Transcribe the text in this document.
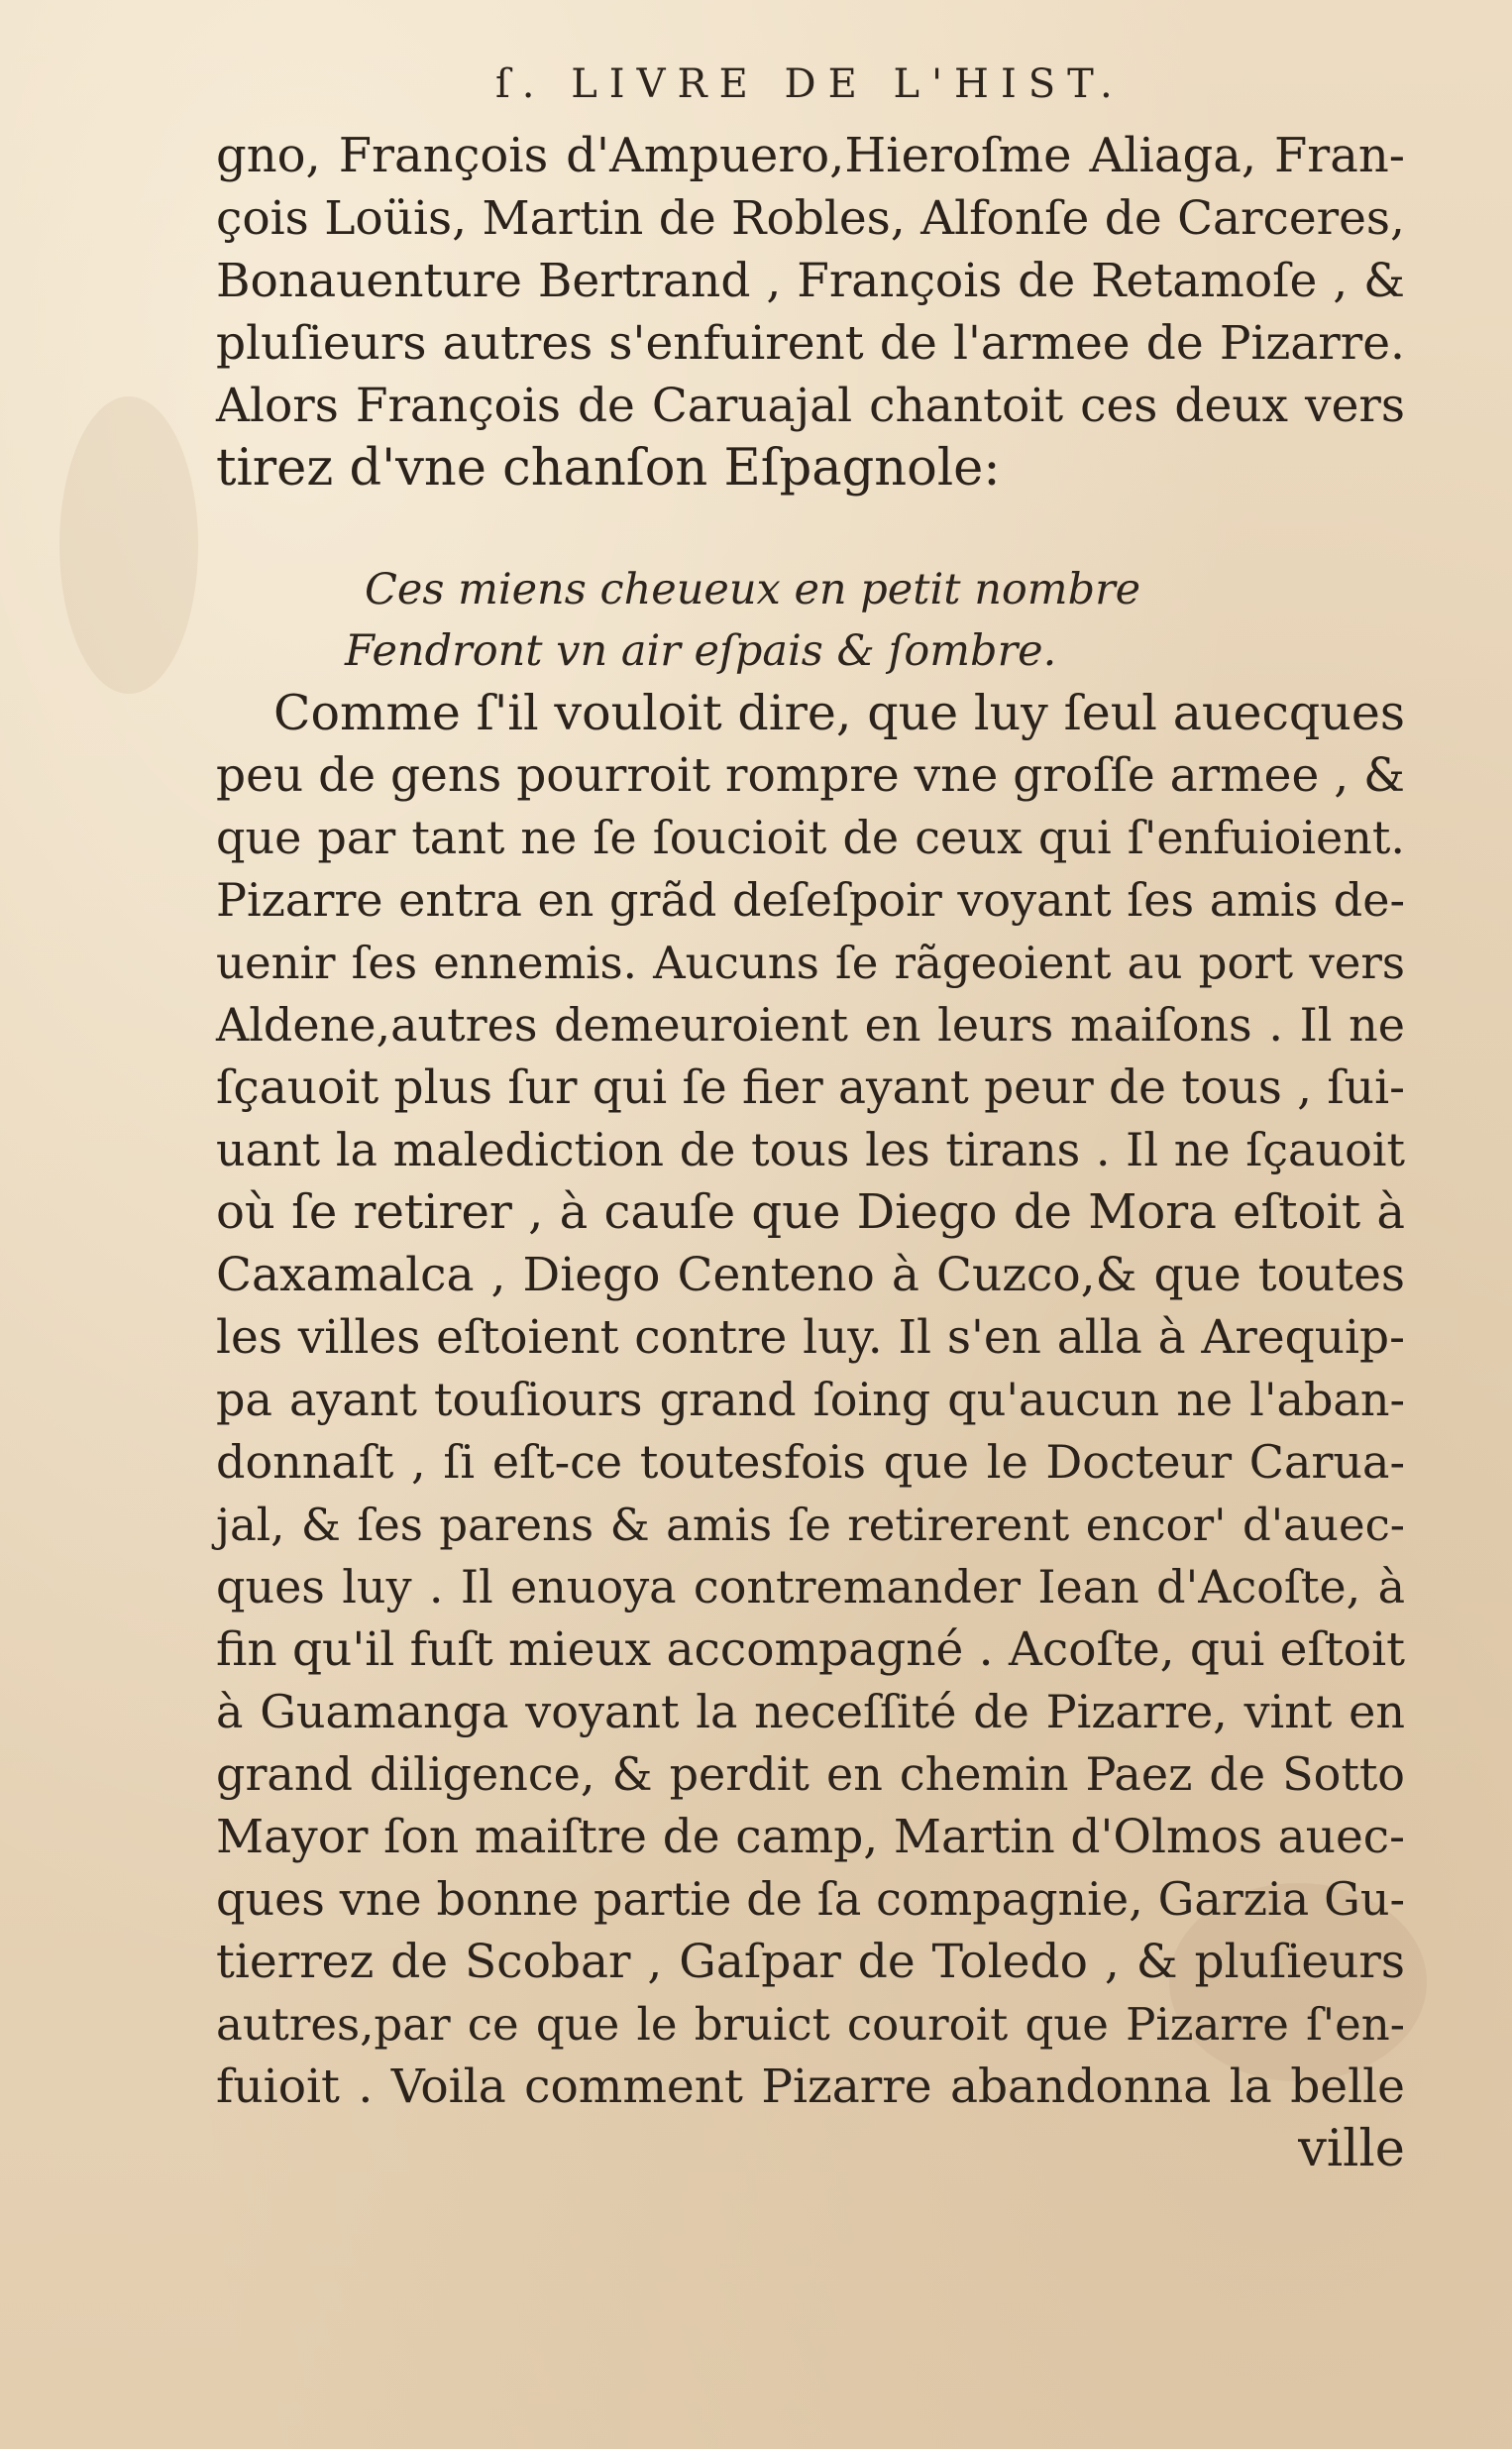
ſ. LIVRE DE L'HIST.
gno, François d'Ampuero,Hieroſme Aliaga, Fran-
çois Loüis, Martin de Robles, Alfonſe de Carceres,
Bonauenture Bertrand , François de Retamoſe , &
pluſieurs autres s'enfuirent de l'armee de Pizarre.
Alors François de Caruajal chantoit ces deux vers
tirez d'vne chanſon Eſpagnole:
Ces miens cheueux en petit nombre
Fendront vn air eſpais & ſombre.
Comme ſ'il vouloit dire, que luy ſeul auecques
peu de gens pourroit rompre vne groſſe armee , &
que par tant ne ſe ſoucioit de ceux qui ſ'enfuioient.
Pizarre entra en grãd deſeſpoir voyant ſes amis de-
uenir ſes ennemis. Aucuns ſe rãgeoient au port vers
Aldene,autres demeuroient en leurs maiſons . Il ne
ſçauoit plus ſur qui ſe fier ayant peur de tous , ſui-
uant la malediction de tous les tirans . Il ne ſçauoit
où ſe retirer , à cauſe que Diego de Mora eſtoit à
Caxamalca , Diego Centeno à Cuzco,& que toutes
les villes eſtoient contre luy. Il s'en alla à Arequip-
pa ayant touſiours grand ſoing qu'aucun ne l'aban-
donnaſt , ſi eſt-ce toutesfois que le Docteur Carua-
jal, & ſes parens & amis ſe retirerent encor' d'auec-
ques luy . Il enuoya contremander Iean d'Acoſte, à
fin qu'il fuſt mieux accompagné . Acoſte, qui eſtoit
à Guamanga voyant la neceſſité de Pizarre, vint en
grand diligence, & perdit en chemin Paez de Sotto
Mayor ſon maiſtre de camp, Martin d'Olmos auec-
ques vne bonne partie de ſa compagnie, Garzia Gu-
tierrez de Scobar , Gaſpar de Toledo , & pluſieurs
autres,par ce que le bruict couroit que Pizarre ſ'en-
fuioit . Voila comment Pizarre abandonna la belle
ville
